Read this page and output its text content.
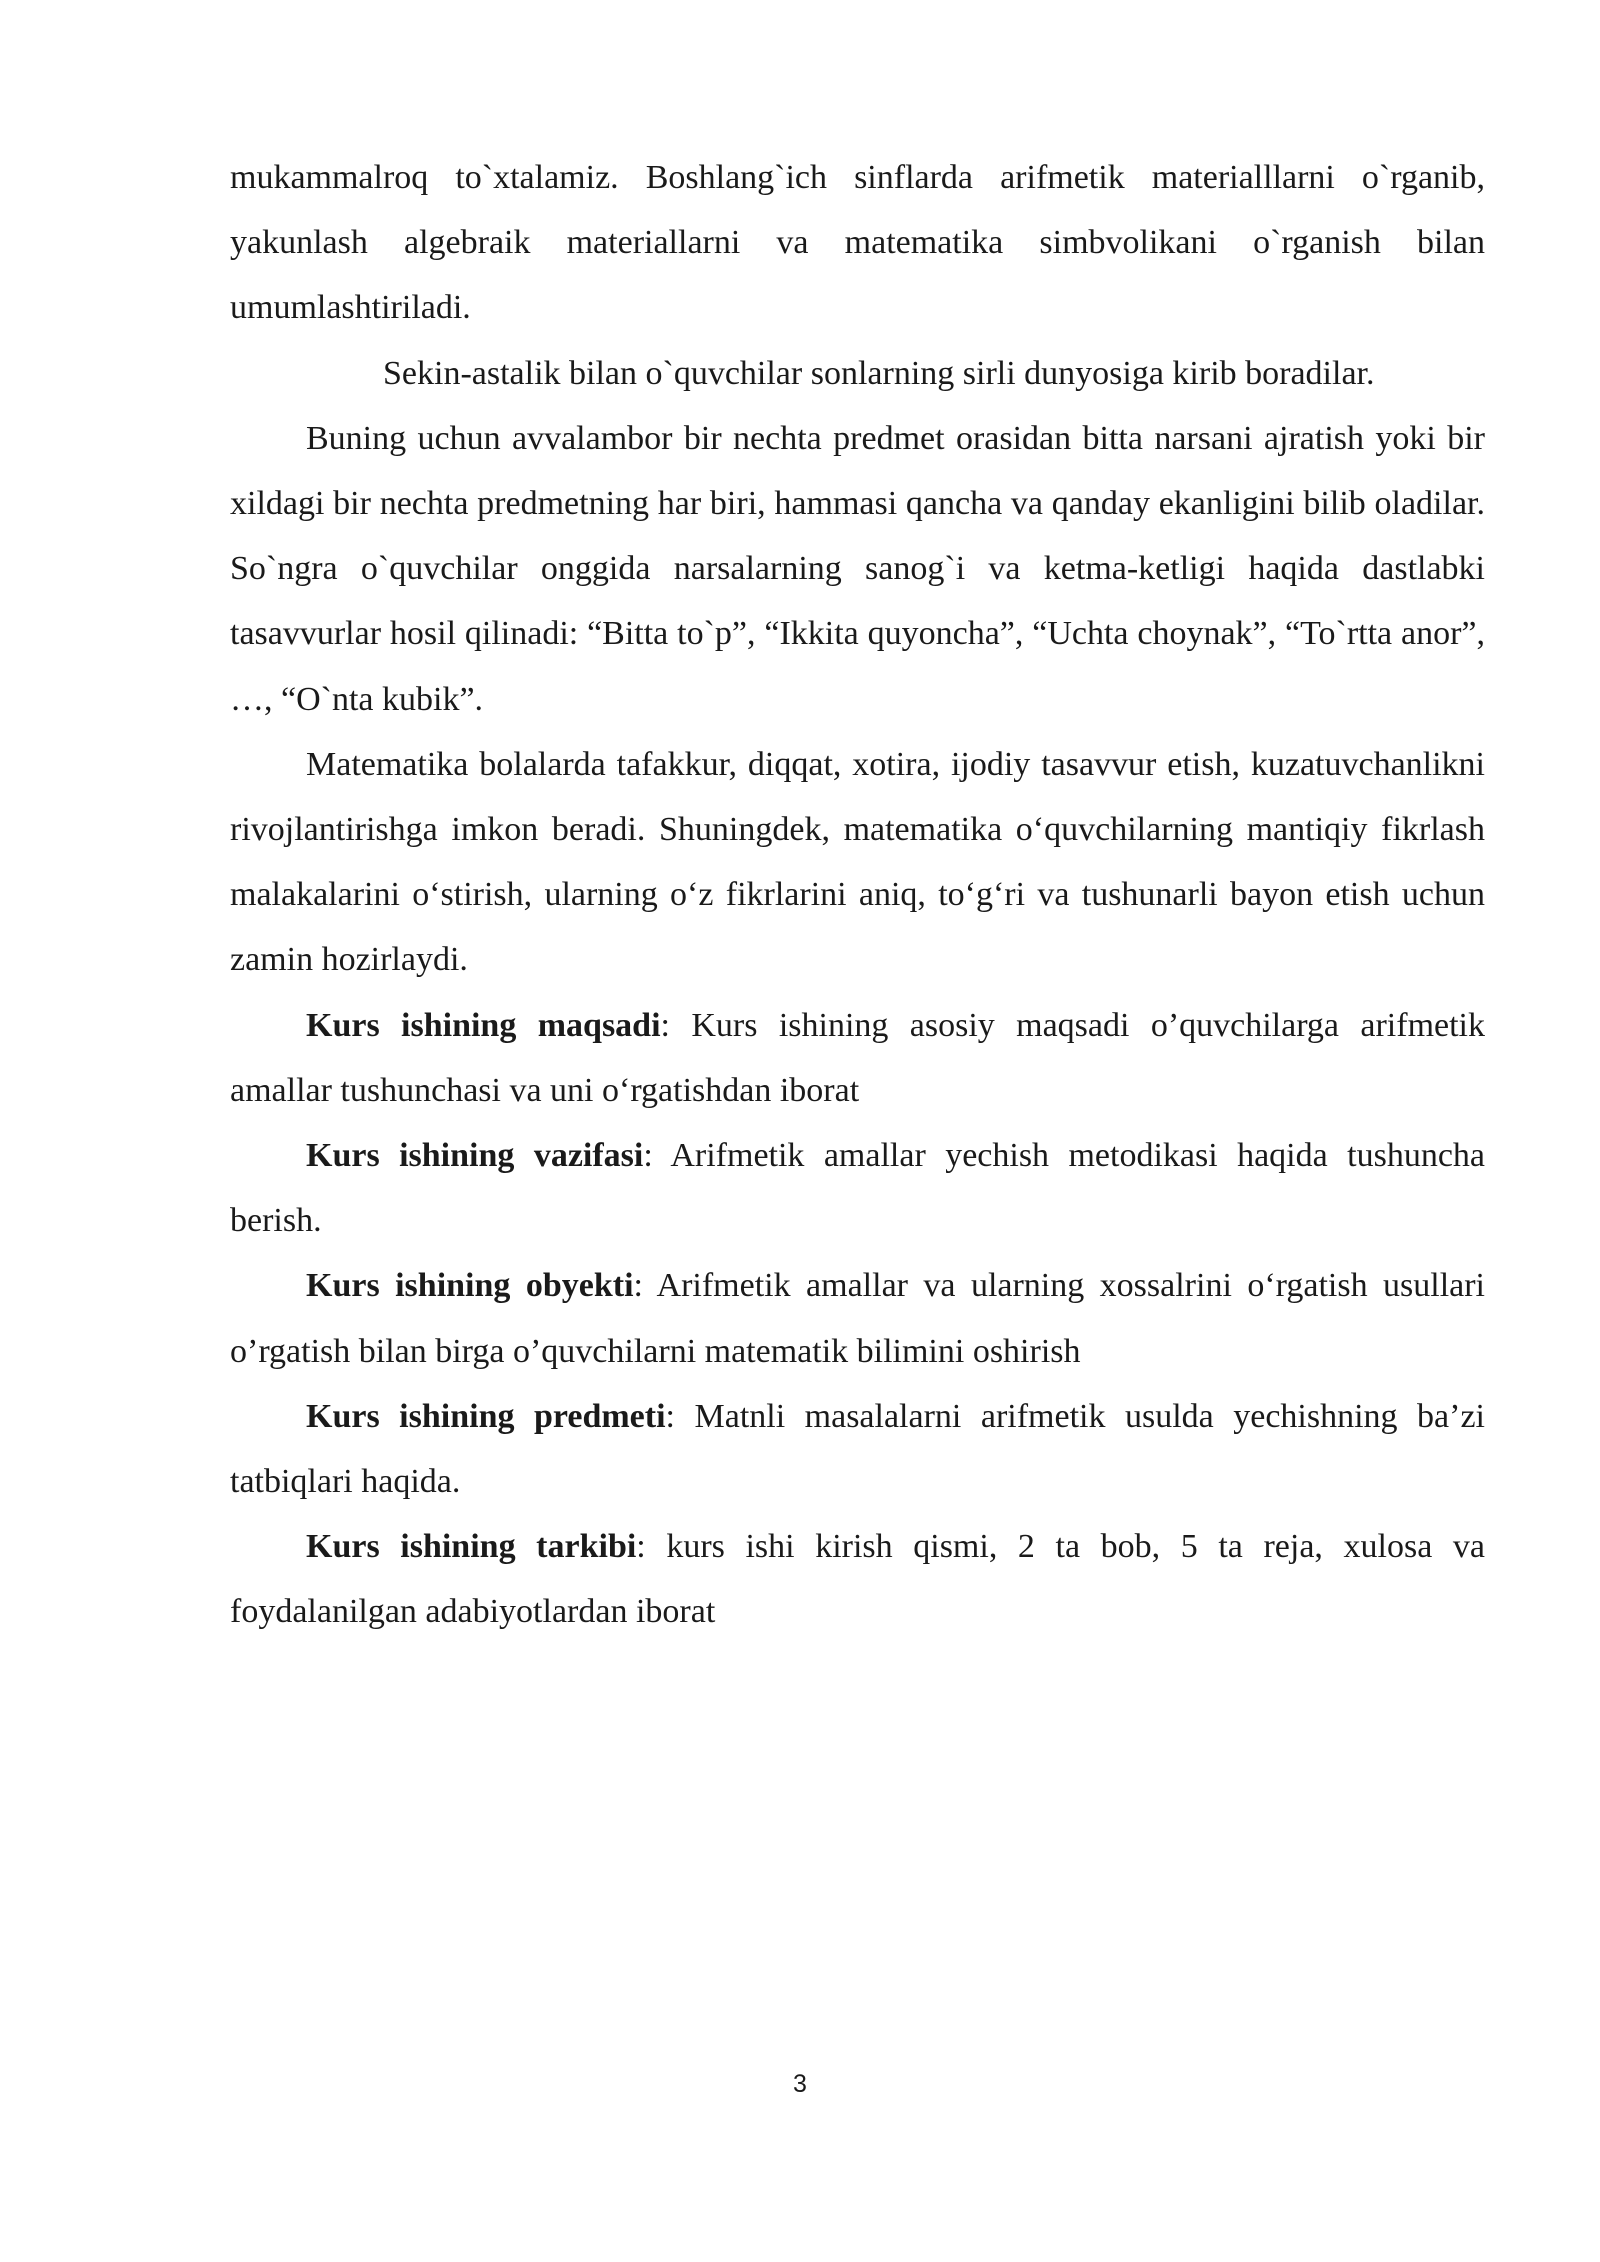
mukammalroq to`xtalamiz. Boshlang`ich sinflarda arifmetik materialllarni o`rganib, yakunlash algebraik materiallarni va matematika simbvolikani o`rganish bilan umumlashtiriladi.

Sekin-astalik bilan o`quvchilar sonlarning sirli dunyosiga kirib boradilar.

Buning uchun avvalambor bir nechta predmet orasidan bitta narsani ajratish yoki bir xildagi bir nechta predmetning har biri, hammasi qancha va qanday ekanligini bilib oladilar. So`ngra o`quvchilar onggida narsalarning sanog`i va ketma-ketligi haqida dastlabki tasavvurlar hosil qilinadi: “Bitta to`p”, “Ikkita quyoncha”, “Uchta choynak”, “To`rtta anor”, …, “O`nta kubik”.

Matematika bolalarda tafakkur, diqqat, xotira, ijodiy tasavvur etish, kuzatuvchanlikni rivojlantirishga imkon beradi. Shuningdek, matematika o‘quvchilarning mantiqiy fikrlash malakalarini o‘stirish, ularning o‘z fikrlarini aniq, to‘g‘ri va tushunarli bayon etish uchun zamin hozirlaydi.

Kurs ishining maqsadi: Kurs ishining asosiy maqsadi o’quvchilarga arifmetik amallar tushunchasi va uni o‘rgatishdan iborat

Kurs ishining vazifasi: Arifmetik amallar yechish metodikasi haqida tushuncha berish.

Kurs ishining obyekti: Arifmetik amallar va ularning xossalrini o‘rgatish usullari o’rgatish bilan birga o’quvchilarni matematik bilimini oshirish

Kurs ishining predmeti: Matnli masalalarni arifmetik usulda yechishning ba’zi tatbiqlari haqida.

Kurs ishining tarkibi: kurs ishi kirish qismi, 2 ta bob, 5 ta reja, xulosa va foydalanilgan adabiyotlardan iborat

3
